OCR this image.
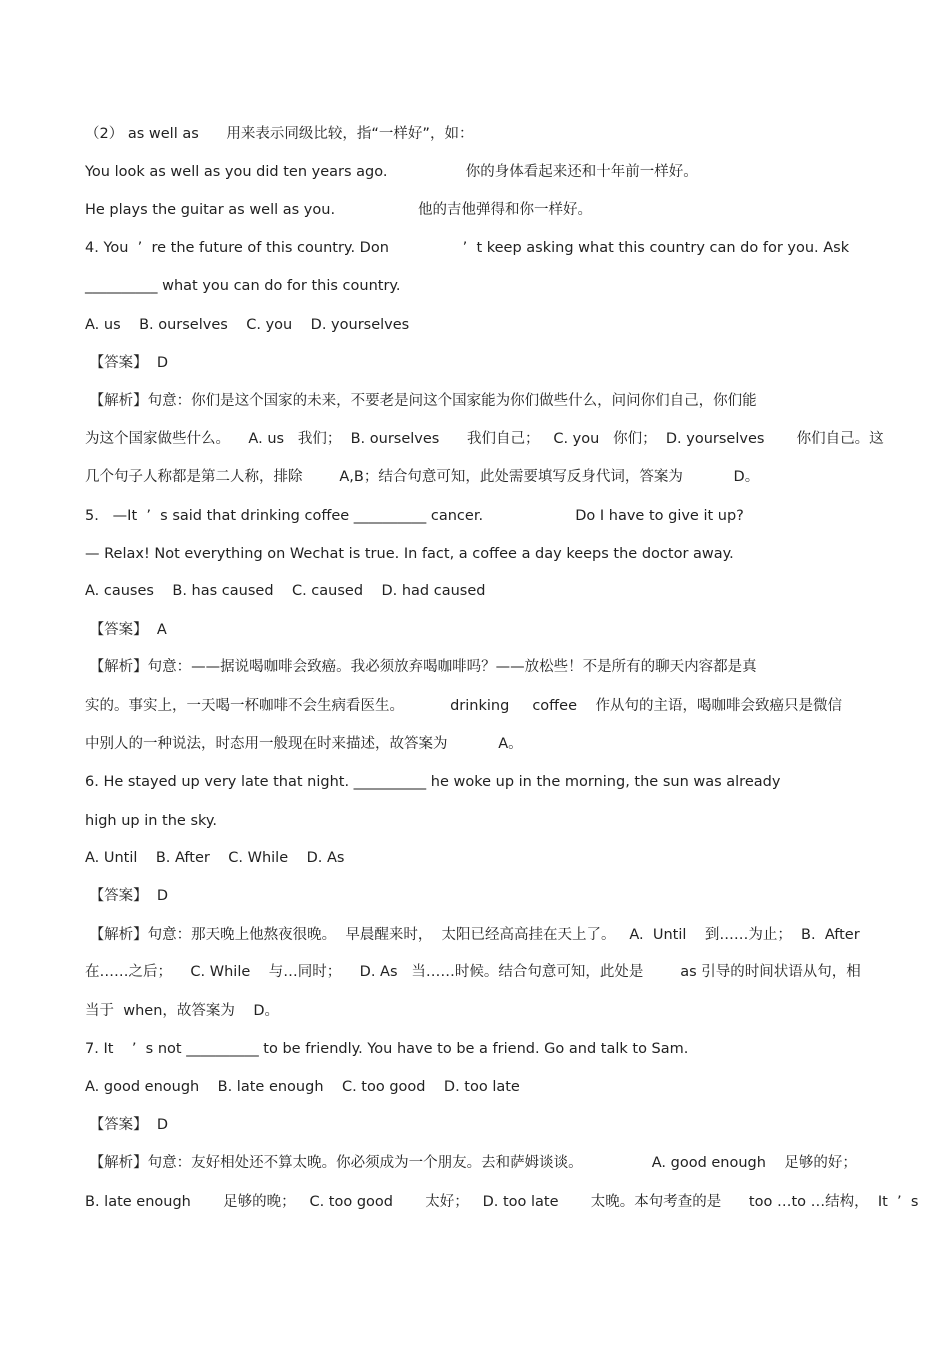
（2） as well as      用来表示同级比较，指“一样好”，如：
You look as well as you did ten years ago.                 你的身体看起来还和十年前一样好。
He plays the guitar as well as you.                  他的吉他弹得和你一样好。
4. You  ’  re the future of this country. Don                ’  t keep asking what this country can do for you. Ask
__________ what you can do for this country.
A. us    B. ourselves    C. you    D. yourselves
【答案】  D
【解析】句意：你们是这个国家的未来，不要老是问这个国家能为你们做些什么，问问你们自己，你们能
为这个国家做些什么。    A. us   我们；  B. ourselves      我们自己；   C. you   你们；  D. yourselves       你们自己。这
几个句子人称都是第二人称，排除        A,B；结合句意可知，此处需要填写反身代词，答案为           D。
5.   —It  ’  s said that drinking coffee __________ cancer.                    Do I have to give it up?
— Relax! Not everything on Wechat is true. In fact, a coffee a day keeps the doctor away.
A. causes    B. has caused    C. caused    D. had caused
【答案】  A
【解析】句意：——据说喝咖啡会致癌。我必须放弃喝咖啡吗？——放松些！不是所有的聊天内容都是真
实的。事实上，一天喝一杯咖啡不会生病看医生。          drinking     coffee    作从句的主语，喝咖啡会致癌只是微信
中别人的一种说法，时态用一般现在时来描述，故答案为           A。
6. He stayed up very late that night. __________ he woke up in the morning, the sun was already
high up in the sky.
A. Until    B. After    C. While    D. As
【答案】  D
【解析】句意：那天晚上他熬夜很晚。  早晨醒来时，  太阳已经高高挂在天上了。   A.  Until    到……为止；  B.  After
在……之后；    C. While    与…同时；    D. As   当……时候。结合句意可知，此处是        as 引导的时间状语从句，相
当于  when，故答案为    D。
7. It    ’  s not __________ to be friendly. You have to be a friend. Go and talk to Sam.
A. good enough    B. late enough    C. too good    D. too late
【答案】  D
【解析】句意：友好相处还不算太晚。你必须成为一个朋友。去和萨姆谈谈。               A. good enough    足够的好；
B. late enough       足够的晚；   C. too good       太好；   D. too late       太晚。本句考查的是      too …to …结构，  It  ’  s
